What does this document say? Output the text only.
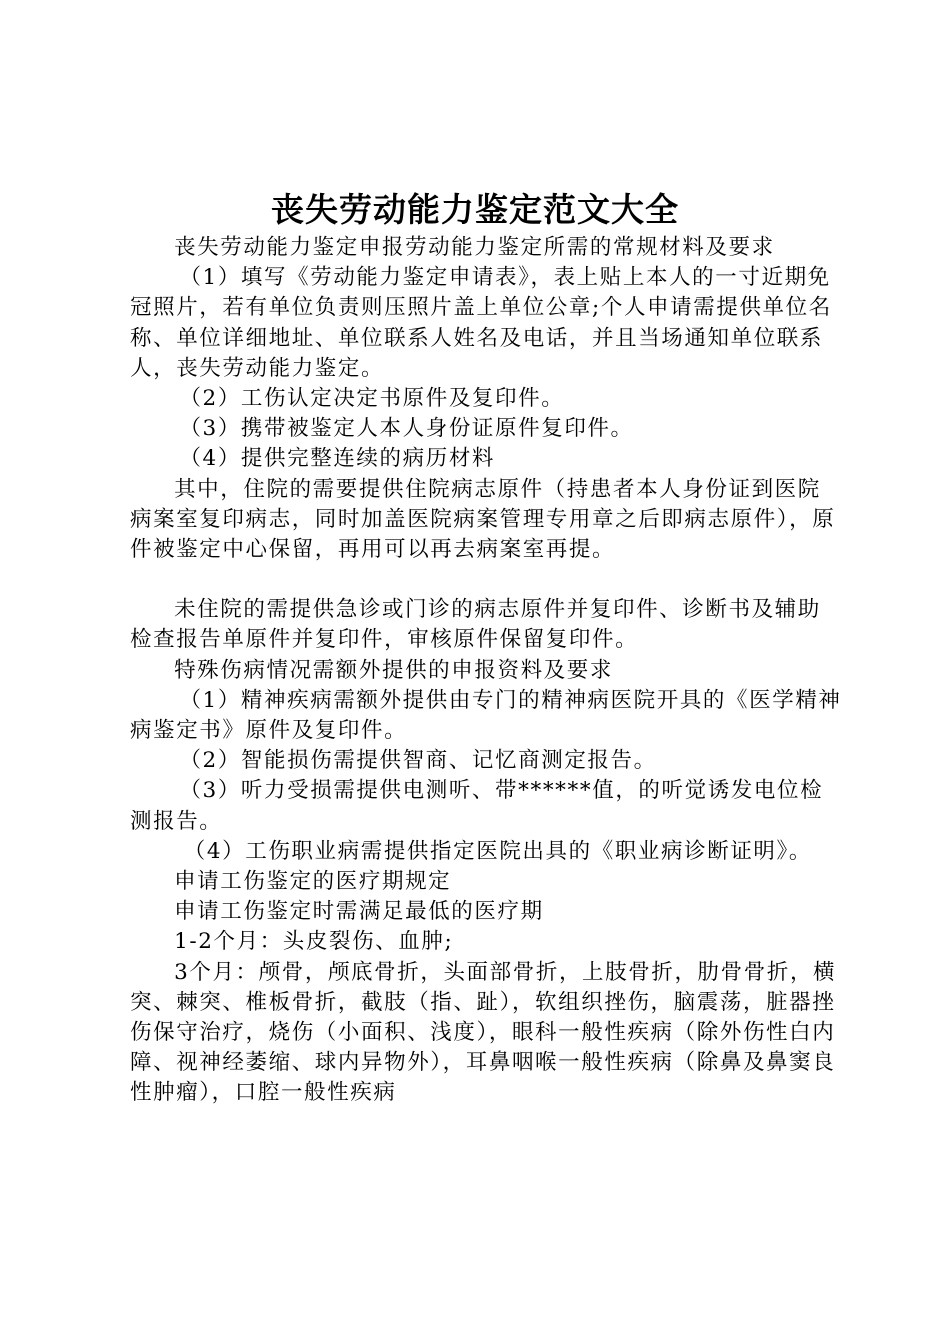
丧失劳动能力鉴定范文大全

丧失劳动能力鉴定申报劳动能力鉴定所需的常规材料及要求

（1）填写《劳动能力鉴定申请表》，表上贴上本人的一寸近期免冠照片，若有单位负责则压照片盖上单位公章;个人申请需提供单位名称、单位详细地址、单位联系人姓名及电话，并且当场通知单位联系人，丧失劳动能力鉴定。

（2）工伤认定决定书原件及复印件。

（3）携带被鉴定人本人身份证原件复印件。

（4）提供完整连续的病历材料

其中，住院的需要提供住院病志原件（持患者本人身份证到医院病案室复印病志，同时加盖医院病案管理专用章之后即病志原件），原件被鉴定中心保留，再用可以再去病案室再提。

未住院的需提供急诊或门诊的病志原件并复印件、诊断书及辅助检查报告单原件并复印件，审核原件保留复印件。

特殊伤病情况需额外提供的申报资料及要求

（1）精神疾病需额外提供由专门的精神病医院开具的《医学精神病鉴定书》原件及复印件。

（2）智能损伤需提供智商、记忆商测定报告。

（3）听力受损需提供电测听、带******值，的听觉诱发电位检测报告。

（4）工伤职业病需提供指定医院出具的《职业病诊断证明》。

申请工伤鉴定的医疗期规定

申请工伤鉴定时需满足最低的医疗期

1-2个月：头皮裂伤、血肿;

3个月：颅骨，颅底骨折，头面部骨折，上肢骨折，肋骨骨折，横突、棘突、椎板骨折，截肢（指、趾），软组织挫伤，脑震荡，脏器挫伤保守治疗，烧伤（小面积、浅度），眼科一般性疾病（除外伤性白内障、视神经萎缩、球内异物外），耳鼻咽喉一般性疾病（除鼻及鼻窦良性肿瘤），口腔一般性疾病
